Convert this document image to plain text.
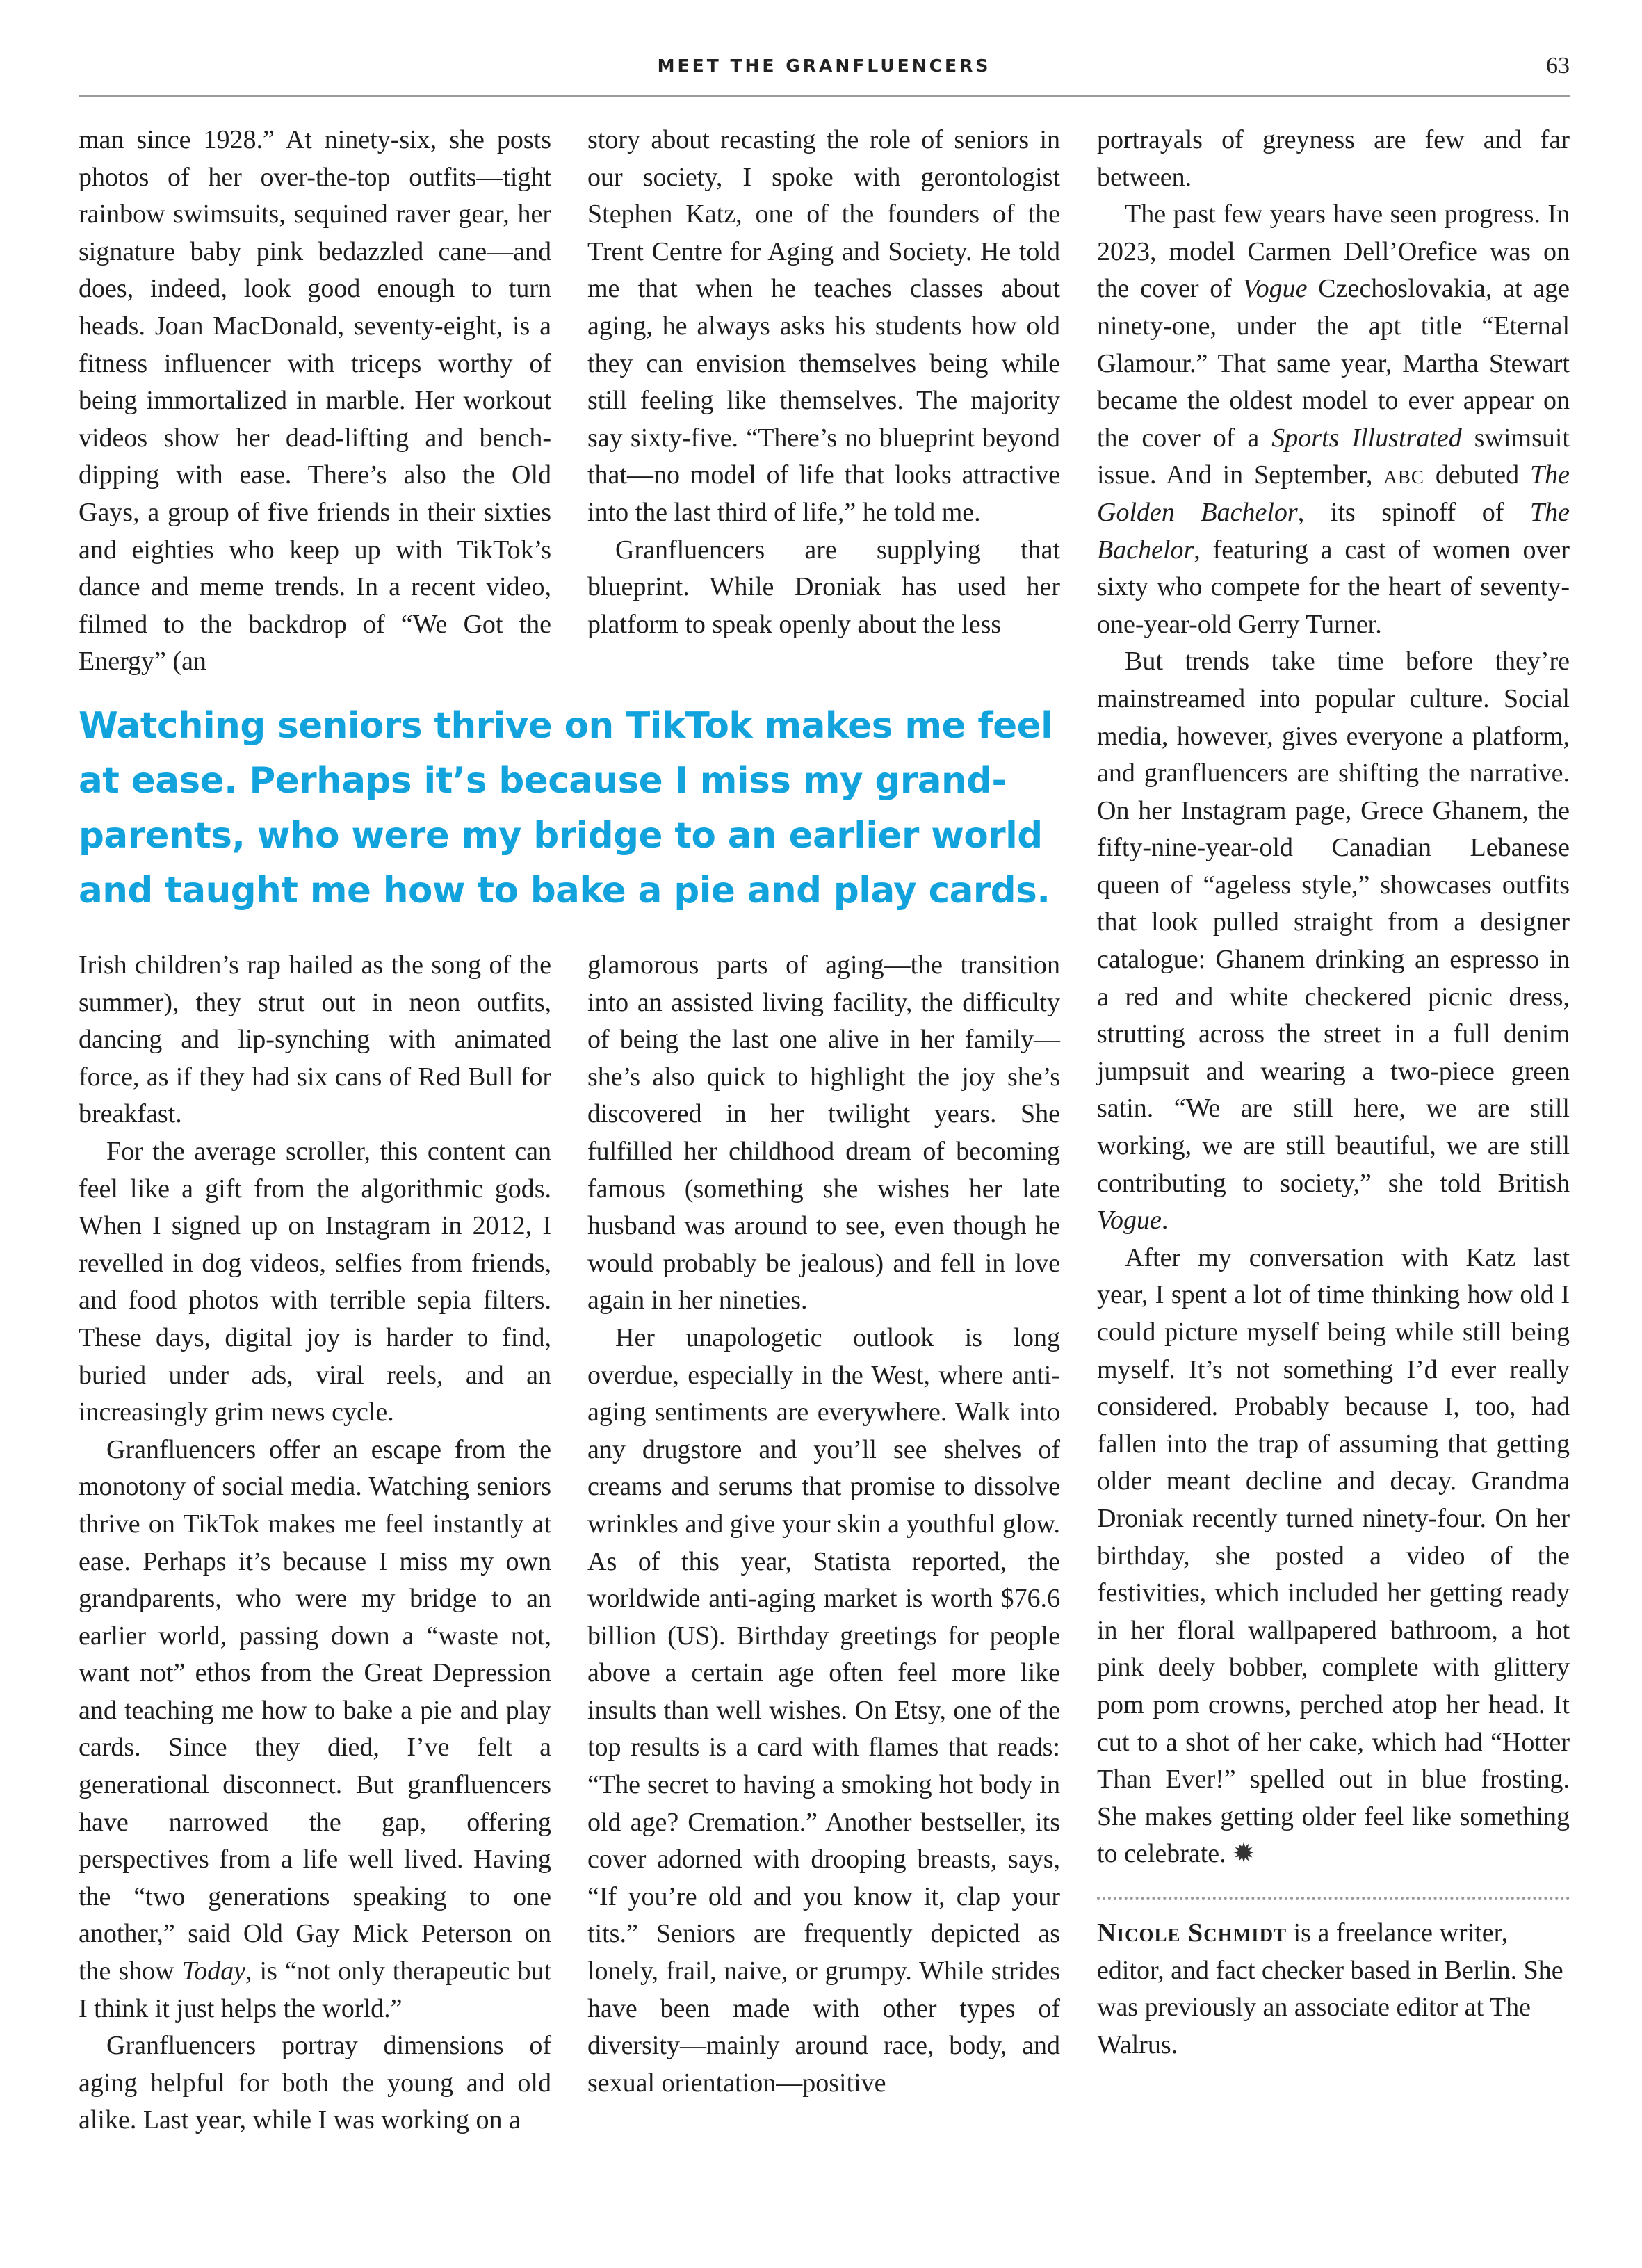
MEET THE GRANFLUENCERS	63

man since 1928.” At ninety-six, she posts photos of her over-the-top outfits—tight rainbow swimsuits, sequined raver gear, her signature baby pink bedazzled cane—and does, indeed, look good enough to turn heads. Joan MacDonald, seventy-eight, is a fitness influencer with triceps worthy of being immortalized in marble. Her workout videos show her dead-lifting and bench-dipping with ease. There’s also the Old Gays, a group of five friends in their sixties and eighties who keep up with TikTok’s dance and meme trends. In a recent video, filmed to the backdrop of “We Got the Energy” (an

story about recasting the role of seniors in our society, I spoke with gerontologist Stephen Katz, one of the founders of the Trent Centre for Aging and Society. He told me that when he teaches classes about aging, he always asks his students how old they can envision themselves being while still feeling like themselves. The majority say sixty-five. “There’s no blueprint beyond that—no model of life that looks attractive into the last third of life,” he told me.

Granfluencers are supplying that blueprint. While Droniak has used her platform to speak openly about the less

Watching seniors thrive on TikTok makes me feel
at ease. Perhaps it’s because I miss my grand-
parents, who were my bridge to an earlier world
and taught me how to bake a pie and play cards.

Irish children’s rap hailed as the song of the summer), they strut out in neon outfits, dancing and lip-synching with animated force, as if they had six cans of Red Bull for breakfast.

For the average scroller, this content can feel like a gift from the algorithmic gods. When I signed up on Instagram in 2012, I revelled in dog videos, selfies from friends, and food photos with terrible sepia filters. These days, digital joy is harder to find, buried under ads, viral reels, and an increasingly grim news cycle.

Granfluencers offer an escape from the monotony of social media. Watching seniors thrive on TikTok makes me feel instantly at ease. Perhaps it’s because I miss my own grandparents, who were my bridge to an earlier world, passing down a “waste not, want not” ethos from the Great Depression and teaching me how to bake a pie and play cards. Since they died, I’ve felt a generational disconnect. But granfluencers have narrowed the gap, offering perspectives from a life well lived. Having the “two generations speaking to one another,” said Old Gay Mick Peterson on the show Today, is “not only therapeutic but I think it just helps the world.”

Granfluencers portray dimensions of aging helpful for both the young and old alike. Last year, while I was working on a

glamorous parts of aging—the transition into an assisted living facility, the difficulty of being the last one alive in her family—she’s also quick to highlight the joy she’s discovered in her twilight years. She fulfilled her childhood dream of becoming famous (something she wishes her late husband was around to see, even though he would probably be jealous) and fell in love again in her nineties.

Her unapologetic outlook is long overdue, especially in the West, where anti-aging sentiments are everywhere. Walk into any drugstore and you’ll see shelves of creams and serums that promise to dissolve wrinkles and give your skin a youthful glow. As of this year, Statista reported, the worldwide anti-aging market is worth $76.6 billion (US). Birthday greetings for people above a certain age often feel more like insults than well wishes. On Etsy, one of the top results is a card with flames that reads: “The secret to having a smoking hot body in old age? Cremation.” Another bestseller, its cover adorned with drooping breasts, says, “If you’re old and you know it, clap your tits.” Seniors are frequently depicted as lonely, frail, naive, or grumpy. While strides have been made with other types of diversity—mainly around race, body, and sexual orientation—positive

portrayals of greyness are few and far between.

The past few years have seen progress. In 2023, model Carmen Dell’Orefice was on the cover of Vogue Czechoslovakia, at age ninety-one, under the apt title “Eternal Glamour.” That same year, Martha Stewart became the oldest model to ever appear on the cover of a Sports Illustrated swimsuit issue. And in September, abc debuted The Golden Bachelor, its spinoff of The Bachelor, featuring a cast of women over sixty who compete for the heart of seventy-one-year-old Gerry Turner.

But trends take time before they’re mainstreamed into popular culture. Social media, however, gives everyone a platform, and granfluencers are shifting the narrative. On her Instagram page, Grece Ghanem, the fifty-nine-year-old Canadian Lebanese queen of “ageless style,” showcases outfits that look pulled straight from a designer catalogue: Ghanem drinking an espresso in a red and white checkered picnic dress, strutting across the street in a full denim jumpsuit and wearing a two-piece green satin. “We are still here, we are still working, we are still beautiful, we are still contributing to society,” she told British Vogue.

After my conversation with Katz last year, I spent a lot of time thinking how old I could picture myself being while still being myself. It’s not something I’d ever really considered. Probably because I, too, had fallen into the trap of assuming that getting older meant decline and decay. Grandma Droniak recently turned ninety-four. On her birthday, she posted a video of the festivities, which included her getting ready in her floral wallpapered bathroom, a hot pink deely bobber, complete with glittery pom pom crowns, perched atop her head. It cut to a shot of her cake, which had “Hotter Than Ever!” spelled out in blue frosting. She makes getting older feel like something to celebrate. ✹

Nicole Schmidt is a freelance writer, editor, and fact checker based in Berlin. She was previously an associate editor at The Walrus.
